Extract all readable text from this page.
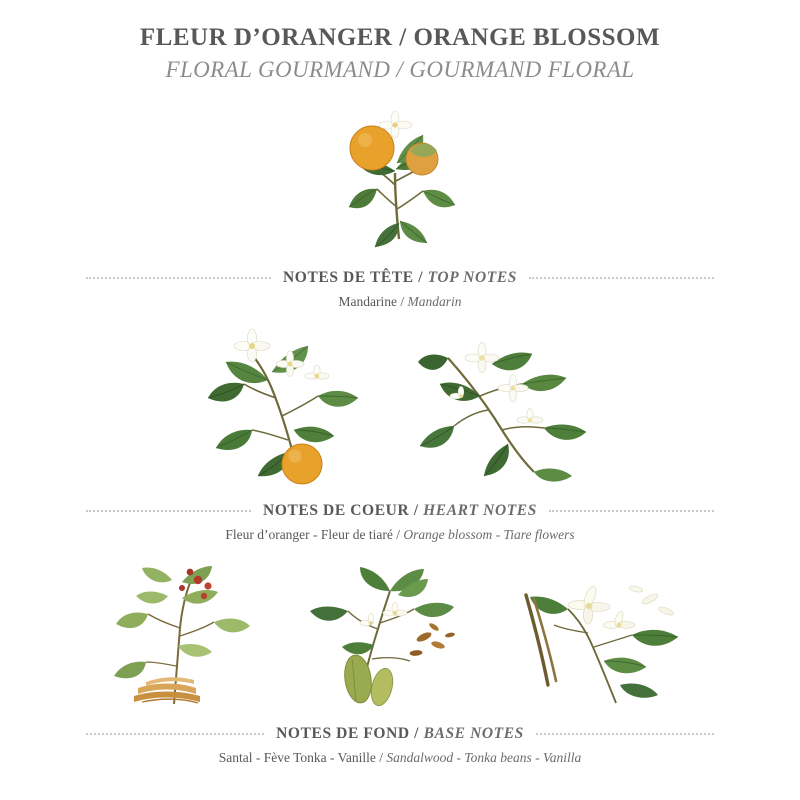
FLEUR D’ORANGER / ORANGE BLOSSOM
FLORAL GOURMAND / GOURMAND FLORAL
NOTES DE TÊTE / TOP NOTES
Mandarine / Mandarin
NOTES DE COEUR / HEART NOTES
Fleur d’oranger - Fleur de tiaré / Orange blossom - Tiare flowers
NOTES DE FOND / BASE NOTES
Santal - Fève Tonka - Vanille / Sandalwood - Tonka beans - Vanilla
